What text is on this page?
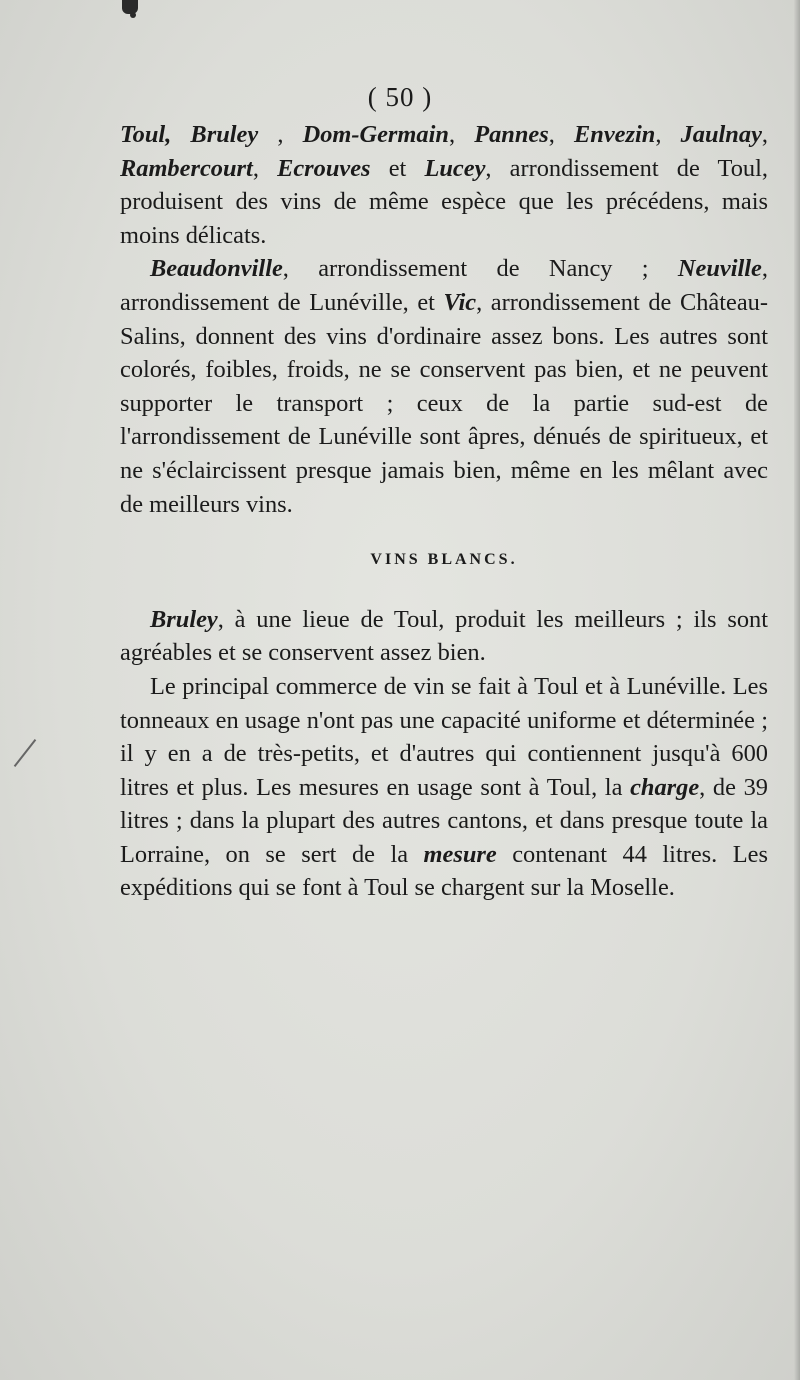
( 50 )

Toul, Bruley , Dom-Germain, Pannes, Envezin, Jaulnay, Rambercourt, Ecrouves et Lucey, arrondissement de Toul, produisent des vins de même espèce que les précédens, mais moins délicats.

Beaudonville, arrondissement de Nancy ; Neuville, arrondissement de Lunéville, et Vic, arrondissement de Château-Salins, donnent des vins d'ordinaire assez bons. Les autres sont colorés, foibles, froids, ne se conservent pas bien, et ne peuvent supporter le transport ; ceux de la partie sud-est de l'arrondissement de Lunéville sont âpres, dénués de spiritueux, et ne s'éclaircissent presque jamais bien, même en les mêlant avec de meilleurs vins.

VINS BLANCS.

Bruley, à une lieue de Toul, produit les meilleurs ; ils sont agréables et se conservent assez bien.

Le principal commerce de vin se fait à Toul et à Lunéville. Les tonneaux en usage n'ont pas une capacité uniforme et déterminée ; il y en a de très-petits, et d'autres qui contiennent jusqu'à 600 litres et plus. Les mesures en usage sont à Toul, la charge, de 39 litres ; dans la plupart des autres cantons, et dans presque toute la Lorraine, on se sert de la mesure contenant 44 litres. Les expéditions qui se font à Toul se chargent sur la Moselle.
